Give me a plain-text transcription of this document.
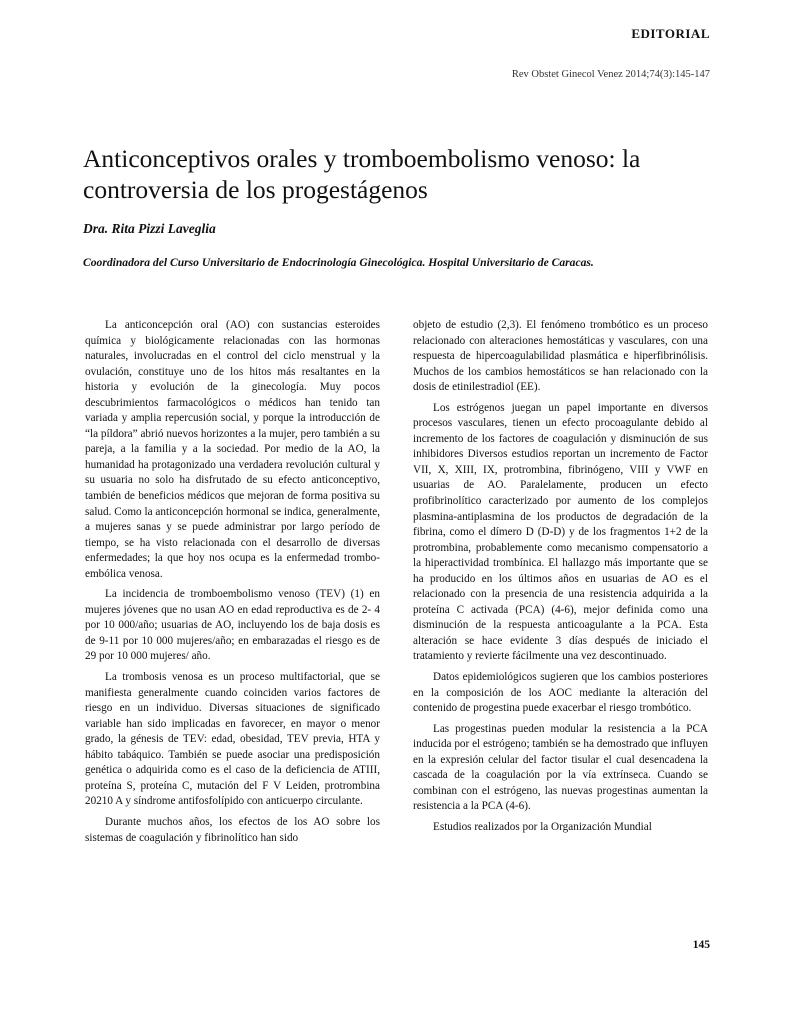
EDITORIAL
Rev Obstet Ginecol Venez 2014;74(3):145-147
Anticonceptivos orales y tromboembolismo venoso: la controversia de los progestágenos
Dra. Rita Pizzi Laveglia
Coordinadora del Curso Universitario de Endocrinología Ginecológica. Hospital Universitario de Caracas.

La anticoncepción oral (AO) con sustancias esteroides química y biológicamente relacionadas con las hormonas naturales, involucradas en el control del ciclo menstrual y la ovulación, constituye uno de los hitos más resaltantes en la historia y evolución de la ginecología. Muy pocos descubrimientos farmacológicos o médicos han tenido tan variada y amplia repercusión social, y porque la introducción de “la píldora” abrió nuevos horizontes a la mujer, pero también a su pareja, a la familia y a la sociedad. Por medio de la AO, la humanidad ha protagonizado una verdadera revolución cultural y su usuaria no solo ha disfrutado de su efecto anticonceptivo, también de beneficios médicos que mejoran de forma positiva su salud. Como la anticoncepción hormonal se indica, generalmente, a mujeres sanas y se puede administrar por largo período de tiempo, se ha visto relacionada con el desarrollo de diversas enfermedades; la que hoy nos ocupa es la enfermedad trombo-embólica venosa.

La incidencia de tromboembolismo venoso (TEV) (1) en mujeres jóvenes que no usan AO en edad reproductiva es de 2- 4 por 10 000/año; usuarias de AO, incluyendo los de baja dosis es de 9-11 por 10 000 mujeres/año; en embarazadas el riesgo es de 29 por 10 000 mujeres/ año.

La trombosis venosa es un proceso multifactorial, que se manifiesta generalmente cuando coinciden varios factores de riesgo en un individuo. Diversas situaciones de significado variable han sido implicadas en favorecer, en mayor o menor grado, la génesis de TEV: edad, obesidad, TEV previa, HTA y hábito tabáquico. También se puede asociar una predisposición genética o adquirida como es el caso de la deficiencia de ATIII, proteína S, proteína C, mutación del F V Leiden, protrombina 20210 A y síndrome antifosfolípido con anticuerpo circulante.

Durante muchos años, los efectos de los AO sobre los sistemas de coagulación y fibrinolítico han sido

objeto de estudio (2,3). El fenómeno trombótico es un proceso relacionado con alteraciones hemostáticas y vasculares, con una respuesta de hipercoagulabilidad plasmática e hiperfibrinólisis. Muchos de los cambios hemostáticos se han relacionado con la dosis de etinilestradiol (EE).

Los estrógenos juegan un papel importante en diversos procesos vasculares, tienen un efecto procoagulante debido al incremento de los factores de coagulación y disminución de sus inhibidores Diversos estudios reportan un incremento de Factor VII, X, XIII, IX, protrombina, fibrinógeno, VIII y VWF en usuarias de AO. Paralelamente, producen un efecto profibrinolítico caracterizado por aumento de los complejos plasmina-antiplasmina de los productos de degradación de la fibrina, como el dímero D (D-D) y de los fragmentos 1+2 de la protrombina, probablemente como mecanismo compensatorio a la hiperactividad trombínica. El hallazgo más importante que se ha producido en los últimos años en usuarias de AO es el relacionado con la presencia de una resistencia adquirida a la proteína C activada (PCA) (4-6), mejor definida como una disminución de la respuesta anticoagulante a la PCA. Esta alteración se hace evidente 3 días después de iniciado el tratamiento y revierte fácilmente una vez descontinuado.

Datos epidemiológicos sugieren que los cambios posteriores en la composición de los AOC mediante la alteración del contenido de progestina puede exacerbar el riesgo trombótico.

Las progestinas pueden modular la resistencia a la PCA inducida por el estrógeno; también se ha demostrado que influyen en la expresión celular del factor tisular el cual desencadena la cascada de la coagulación por la vía extrínseca. Cuando se combinan con el estrógeno, las nuevas progestinas aumentan la resistencia a la PCA (4-6).

Estudios realizados por la Organización Mundial

145
